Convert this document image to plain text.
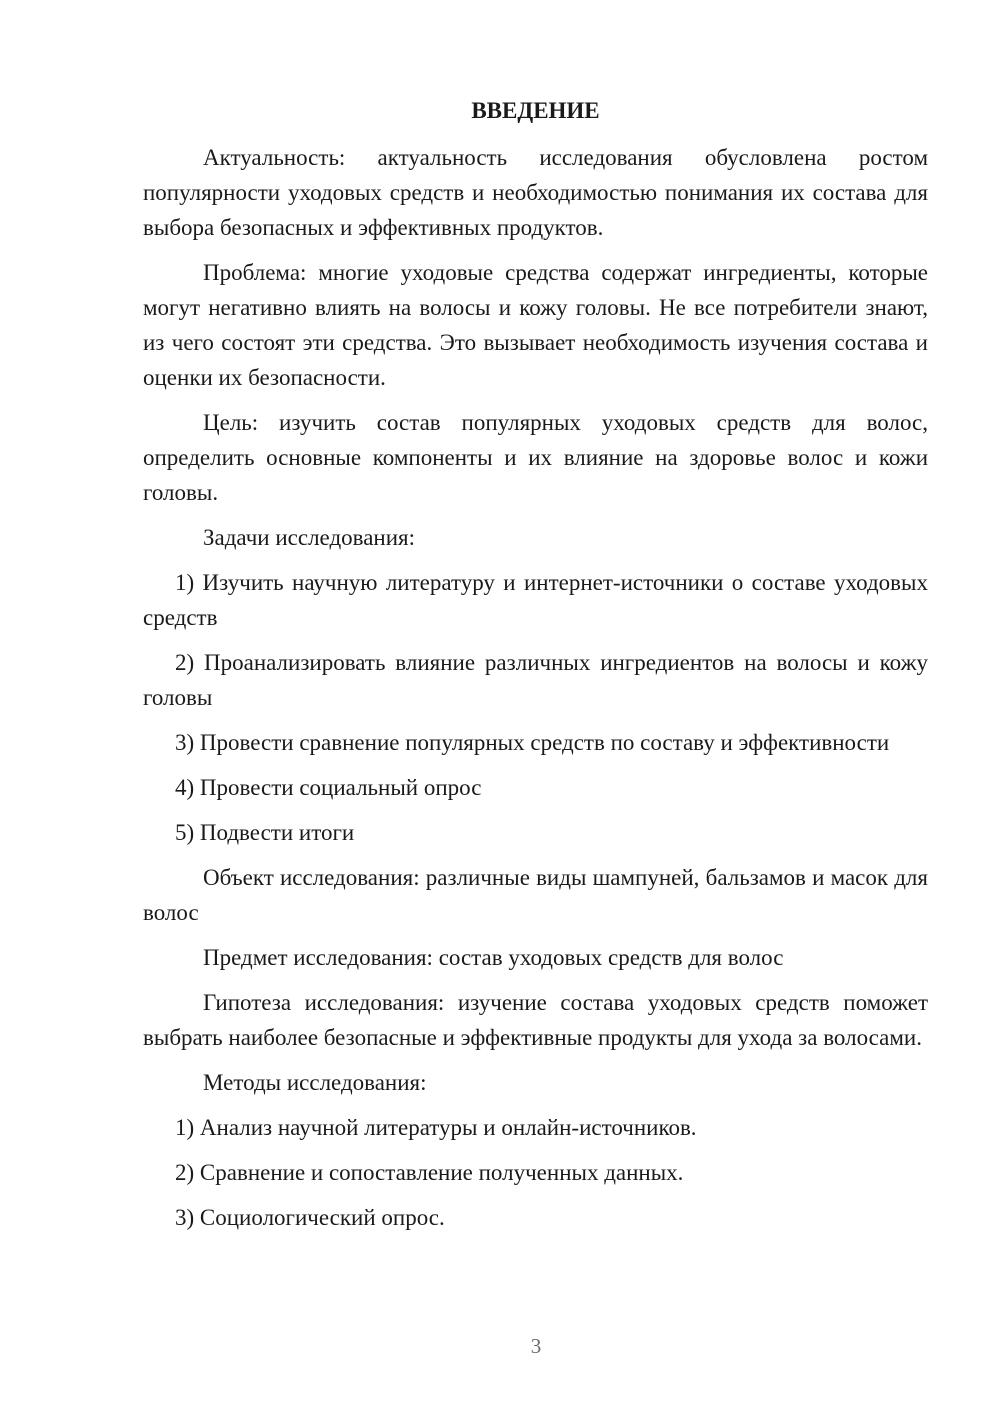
ВВЕДЕНИЕ

Актуальность: актуальность исследования обусловлена ростом популярности уходовых средств и необходимостью понимания их состава для выбора безопасных и эффективных продуктов.

Проблема: многие уходовые средства содержат ингредиенты, которые могут негативно влиять на волосы и кожу головы. Не все потребители знают, из чего состоят эти средства. Это вызывает необходимость изучения состава и оценки их безопасности.

Цель: изучить состав популярных уходовых средств для волос, определить основные компоненты и их влияние на здоровье волос и кожи головы.

Задачи исследования:

1) Изучить научную литературу и интернет-источники о составе уходовых средств

2) Проанализировать влияние различных ингредиентов на волосы и кожу головы

3) Провести сравнение популярных средств по составу и эффективности

4) Провести социальный опрос

5) Подвести итоги

Объект исследования: различные виды шампуней, бальзамов и масок для волос

Предмет исследования: состав уходовых средств для волос

Гипотеза исследования: изучение состава уходовых средств поможет выбрать наиболее безопасные и эффективные продукты для ухода за волосами.

Методы исследования:

1) Анализ научной литературы и онлайн-источников.

2) Сравнение и сопоставление полученных данных.

3) Социологический опрос.

3
